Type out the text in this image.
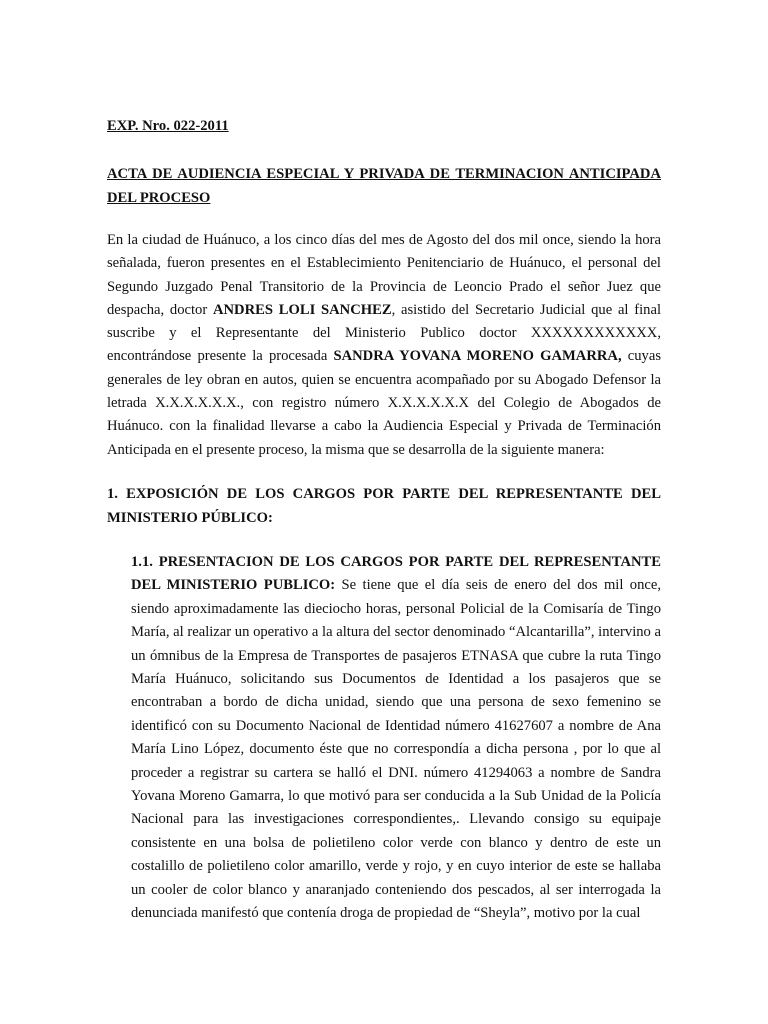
EXP. Nro. 022-2011

ACTA DE AUDIENCIA ESPECIAL Y PRIVADA DE TERMINACION ANTICIPADA DEL PROCESO

En la ciudad de Huánuco, a los cinco días del mes de Agosto del dos mil once, siendo la hora señalada, fueron presentes en el Establecimiento Penitenciario de Huánuco, el personal del Segundo Juzgado Penal Transitorio de la Provincia de Leoncio Prado el señor Juez que despacha, doctor ANDRES LOLI SANCHEZ, asistido del Secretario Judicial que al final suscribe y el Representante del Ministerio Publico doctor XXXXXXXXXXXX, encontrándose presente la procesada SANDRA YOVANA MORENO GAMARRA, cuyas generales de ley obran en autos, quien se encuentra acompañado por su Abogado Defensor la letrada X.X.X.X.X.X., con registro número X.X.X.X.X.X del Colegio de Abogados de Huánuco. con la finalidad llevarse a cabo la Audiencia Especial y Privada de Terminación Anticipada en el presente proceso, la misma que se desarrolla de la siguiente manera:

1. EXPOSICIÓN DE LOS CARGOS POR PARTE DEL REPRESENTANTE DEL MINISTERIO PÚBLICO:

1.1. PRESENTACION DE LOS CARGOS POR PARTE DEL REPRESENTANTE DEL MINISTERIO PUBLICO: Se tiene que el día seis de enero del dos mil once, siendo aproximadamente las dieciocho horas, personal Policial de la Comisaría de Tingo María, al realizar un operativo a la altura del sector denominado “Alcantarilla”, intervino a un ómnibus de la Empresa de Transportes de pasajeros ETNASA que cubre la ruta Tingo María Huánuco, solicitando sus Documentos de Identidad a los pasajeros que se encontraban a bordo de dicha unidad, siendo que una persona de sexo femenino se identificó con su Documento Nacional de Identidad número 41627607 a nombre de Ana María Lino López, documento éste que no correspondía a dicha persona , por lo que al proceder a registrar su cartera se halló el DNI. número 41294063 a nombre de Sandra Yovana Moreno Gamarra, lo que motivó para ser conducida a la Sub Unidad de la Policía Nacional para las investigaciones correspondientes,. Llevando consigo su equipaje consistente en una bolsa de polietileno color verde con blanco y dentro de este un costalillo de polietileno color amarillo, verde y rojo, y en cuyo interior de este se hallaba un cooler de color blanco y anaranjado conteniendo dos pescados, al ser interrogada la denunciada manifestó que contenía droga de propiedad de “Sheyla”, motivo por la cual
